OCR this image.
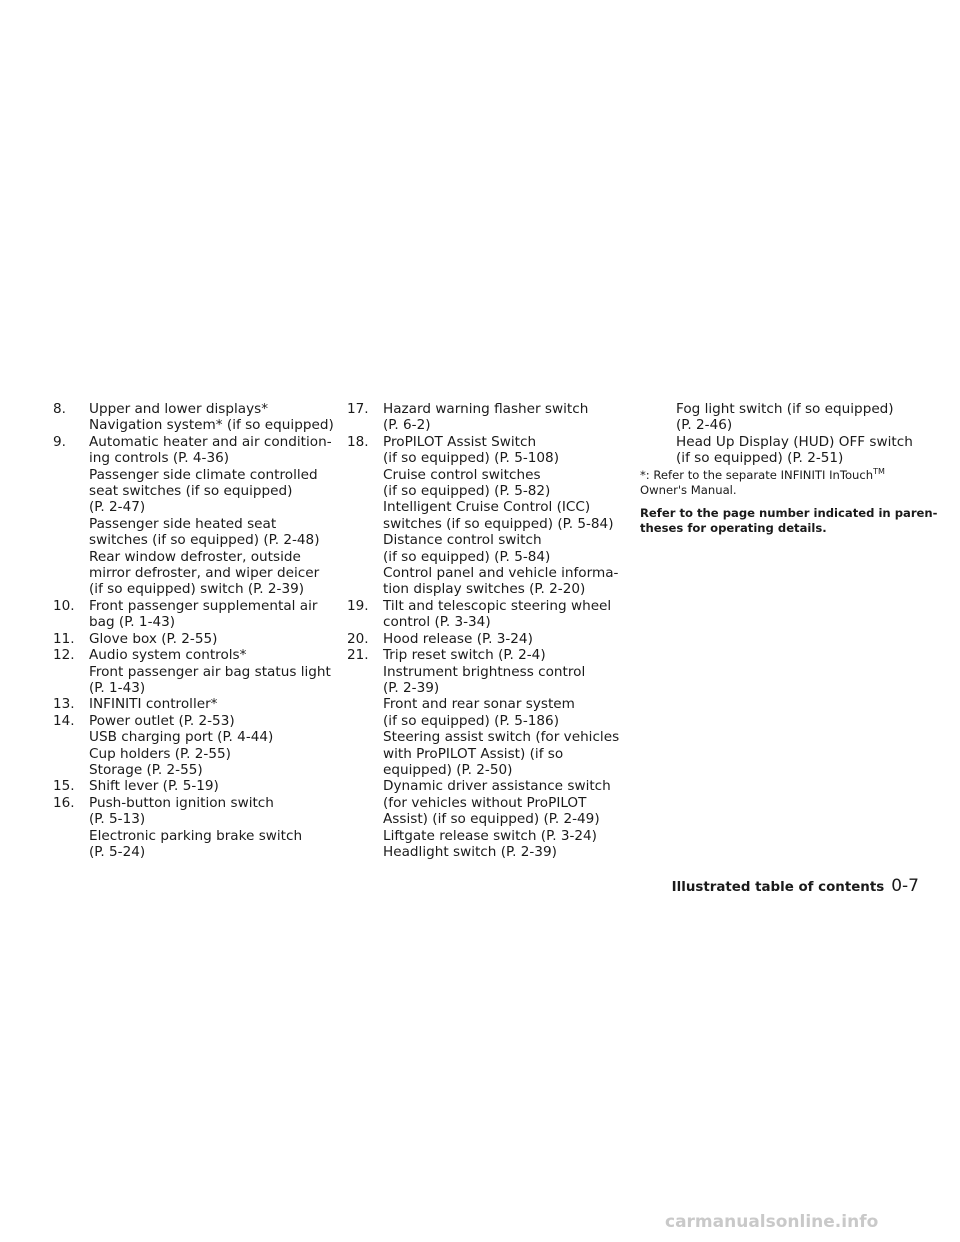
8.	Upper and lower displays*
Navigation system* (if so equipped)
9.	Automatic heater and air condition-
ing controls (P. 4-36)
Passenger side climate controlled
seat switches (if so equipped)
(P. 2-47)
Passenger side heated seat
switches (if so equipped) (P. 2-48)
Rear window defroster, outside
mirror defroster, and wiper deicer
(if so equipped) switch (P. 2-39)
10.	Front passenger supplemental air
bag (P. 1-43)
11.	Glove box (P. 2-55)
12.	Audio system controls*
Front passenger air bag status light
(P. 1-43)
13.	INFINITI controller*
14.	Power outlet (P. 2-53)
USB charging port (P. 4-44)
Cup holders (P. 2-55)
Storage (P. 2-55)
15.	Shift lever (P. 5-19)
16.	Push-button ignition switch
(P. 5-13)
Electronic parking brake switch
(P. 5-24)
17.	Hazard warning flasher switch
(P. 6-2)
18.	ProPILOT Assist Switch
(if so equipped) (P. 5-108)
Cruise control switches
(if so equipped) (P. 5-82)
Intelligent Cruise Control (ICC)
switches (if so equipped) (P. 5-84)
Distance control switch
(if so equipped) (P. 5-84)
Control panel and vehicle informa-
tion display switches (P. 2-20)
19.	Tilt and telescopic steering wheel
control (P. 3-34)
20.	Hood release (P. 3-24)
21.	Trip reset switch (P. 2-4)
Instrument brightness control
(P. 2-39)
Front and rear sonar system
(if so equipped) (P. 5-186)
Steering assist switch (for vehicles
with ProPILOT Assist) (if so
equipped) (P. 2-50)
Dynamic driver assistance switch
(for vehicles without ProPILOT
Assist) (if so equipped) (P. 2-49)
Liftgate release switch (P. 3-24)
Headlight switch (P. 2-39)
Fog light switch (if so equipped)
(P. 2-46)
Head Up Display (HUD) OFF switch
(if so equipped) (P. 2-51)
*: Refer to the separate INFINITI InTouch™
Owner's Manual.
Refer to the page number indicated in paren-
theses for operating details.
Illustrated table of contents 0-7
carmanualsonline.info
